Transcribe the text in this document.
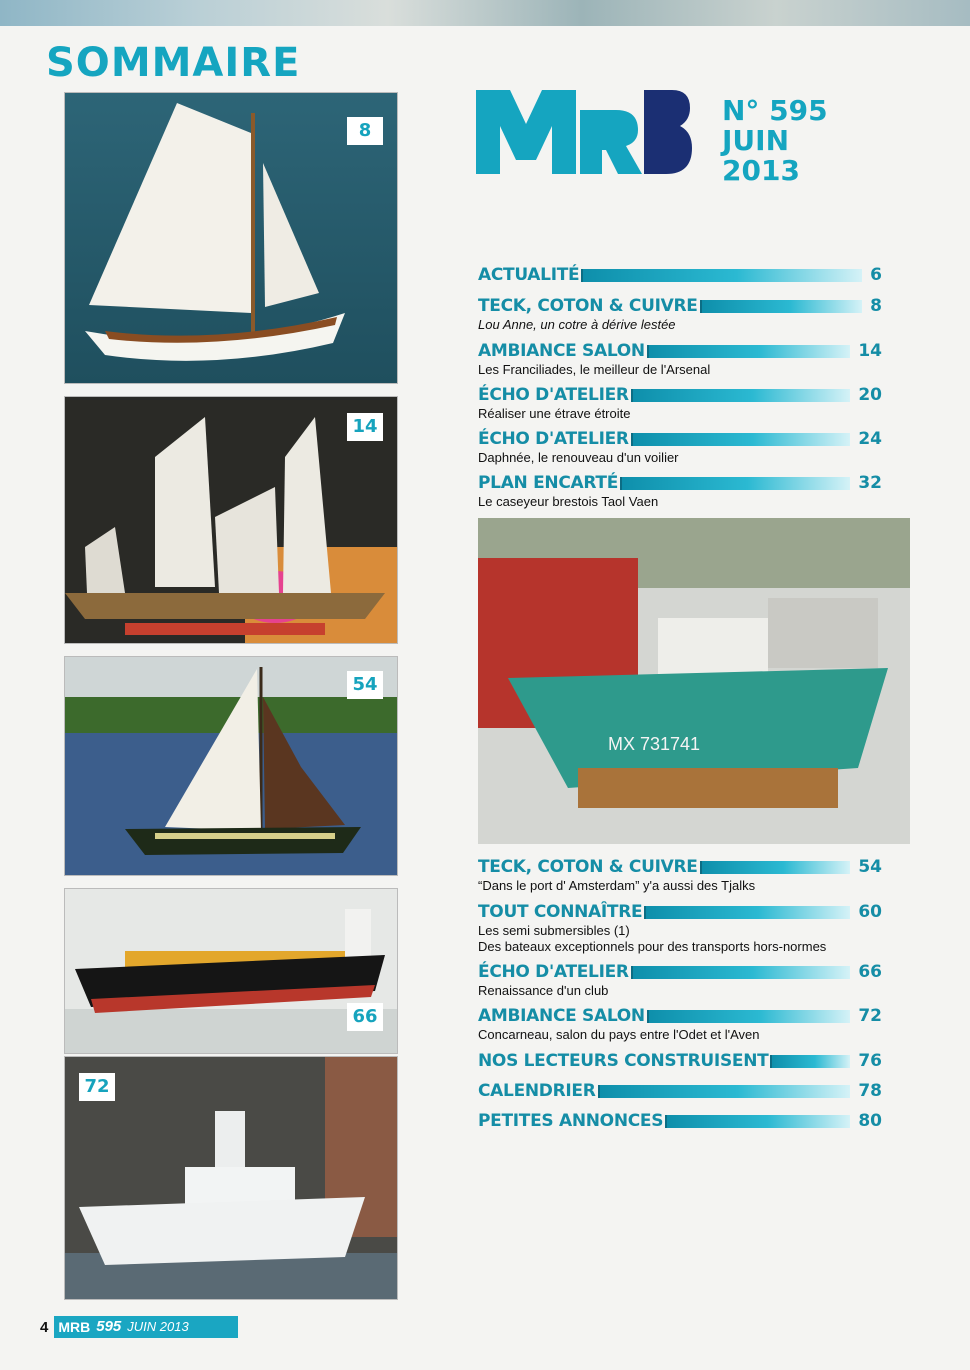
SOMMAIRE
8
14
54
66
72
N° 595
JUIN
2013
ACTUALITÉ	6
TECK, COTON & CUIVRE	8
Lou Anne, un cotre à dérive lestée
AMBIANCE SALON	14
Les Franciliades, le meilleur de l'Arsenal
ÉCHO D'ATELIER	20
Réaliser une étrave étroite
ÉCHO D'ATELIER	24
Daphnée, le renouveau d'un voilier
PLAN ENCARTÉ	32
Le caseyeur brestois Taol Vaen
MX 731741
TECK, COTON & CUIVRE	54
“Dans le port d' Amsterdam” y'a aussi des Tjalks
TOUT CONNAÎTRE	60
Les semi submersibles (1)
Des bateaux exceptionnels pour des transports hors-normes
ÉCHO D'ATELIER	66
Renaissance d'un club
AMBIANCE SALON	72
Concarneau, salon du pays entre l'Odet et l'Aven
NOS LECTEURS CONSTRUISENT	76
CALENDRIER	78
PETITES ANNONCES	80
4 MRB 595 JUIN 2013
